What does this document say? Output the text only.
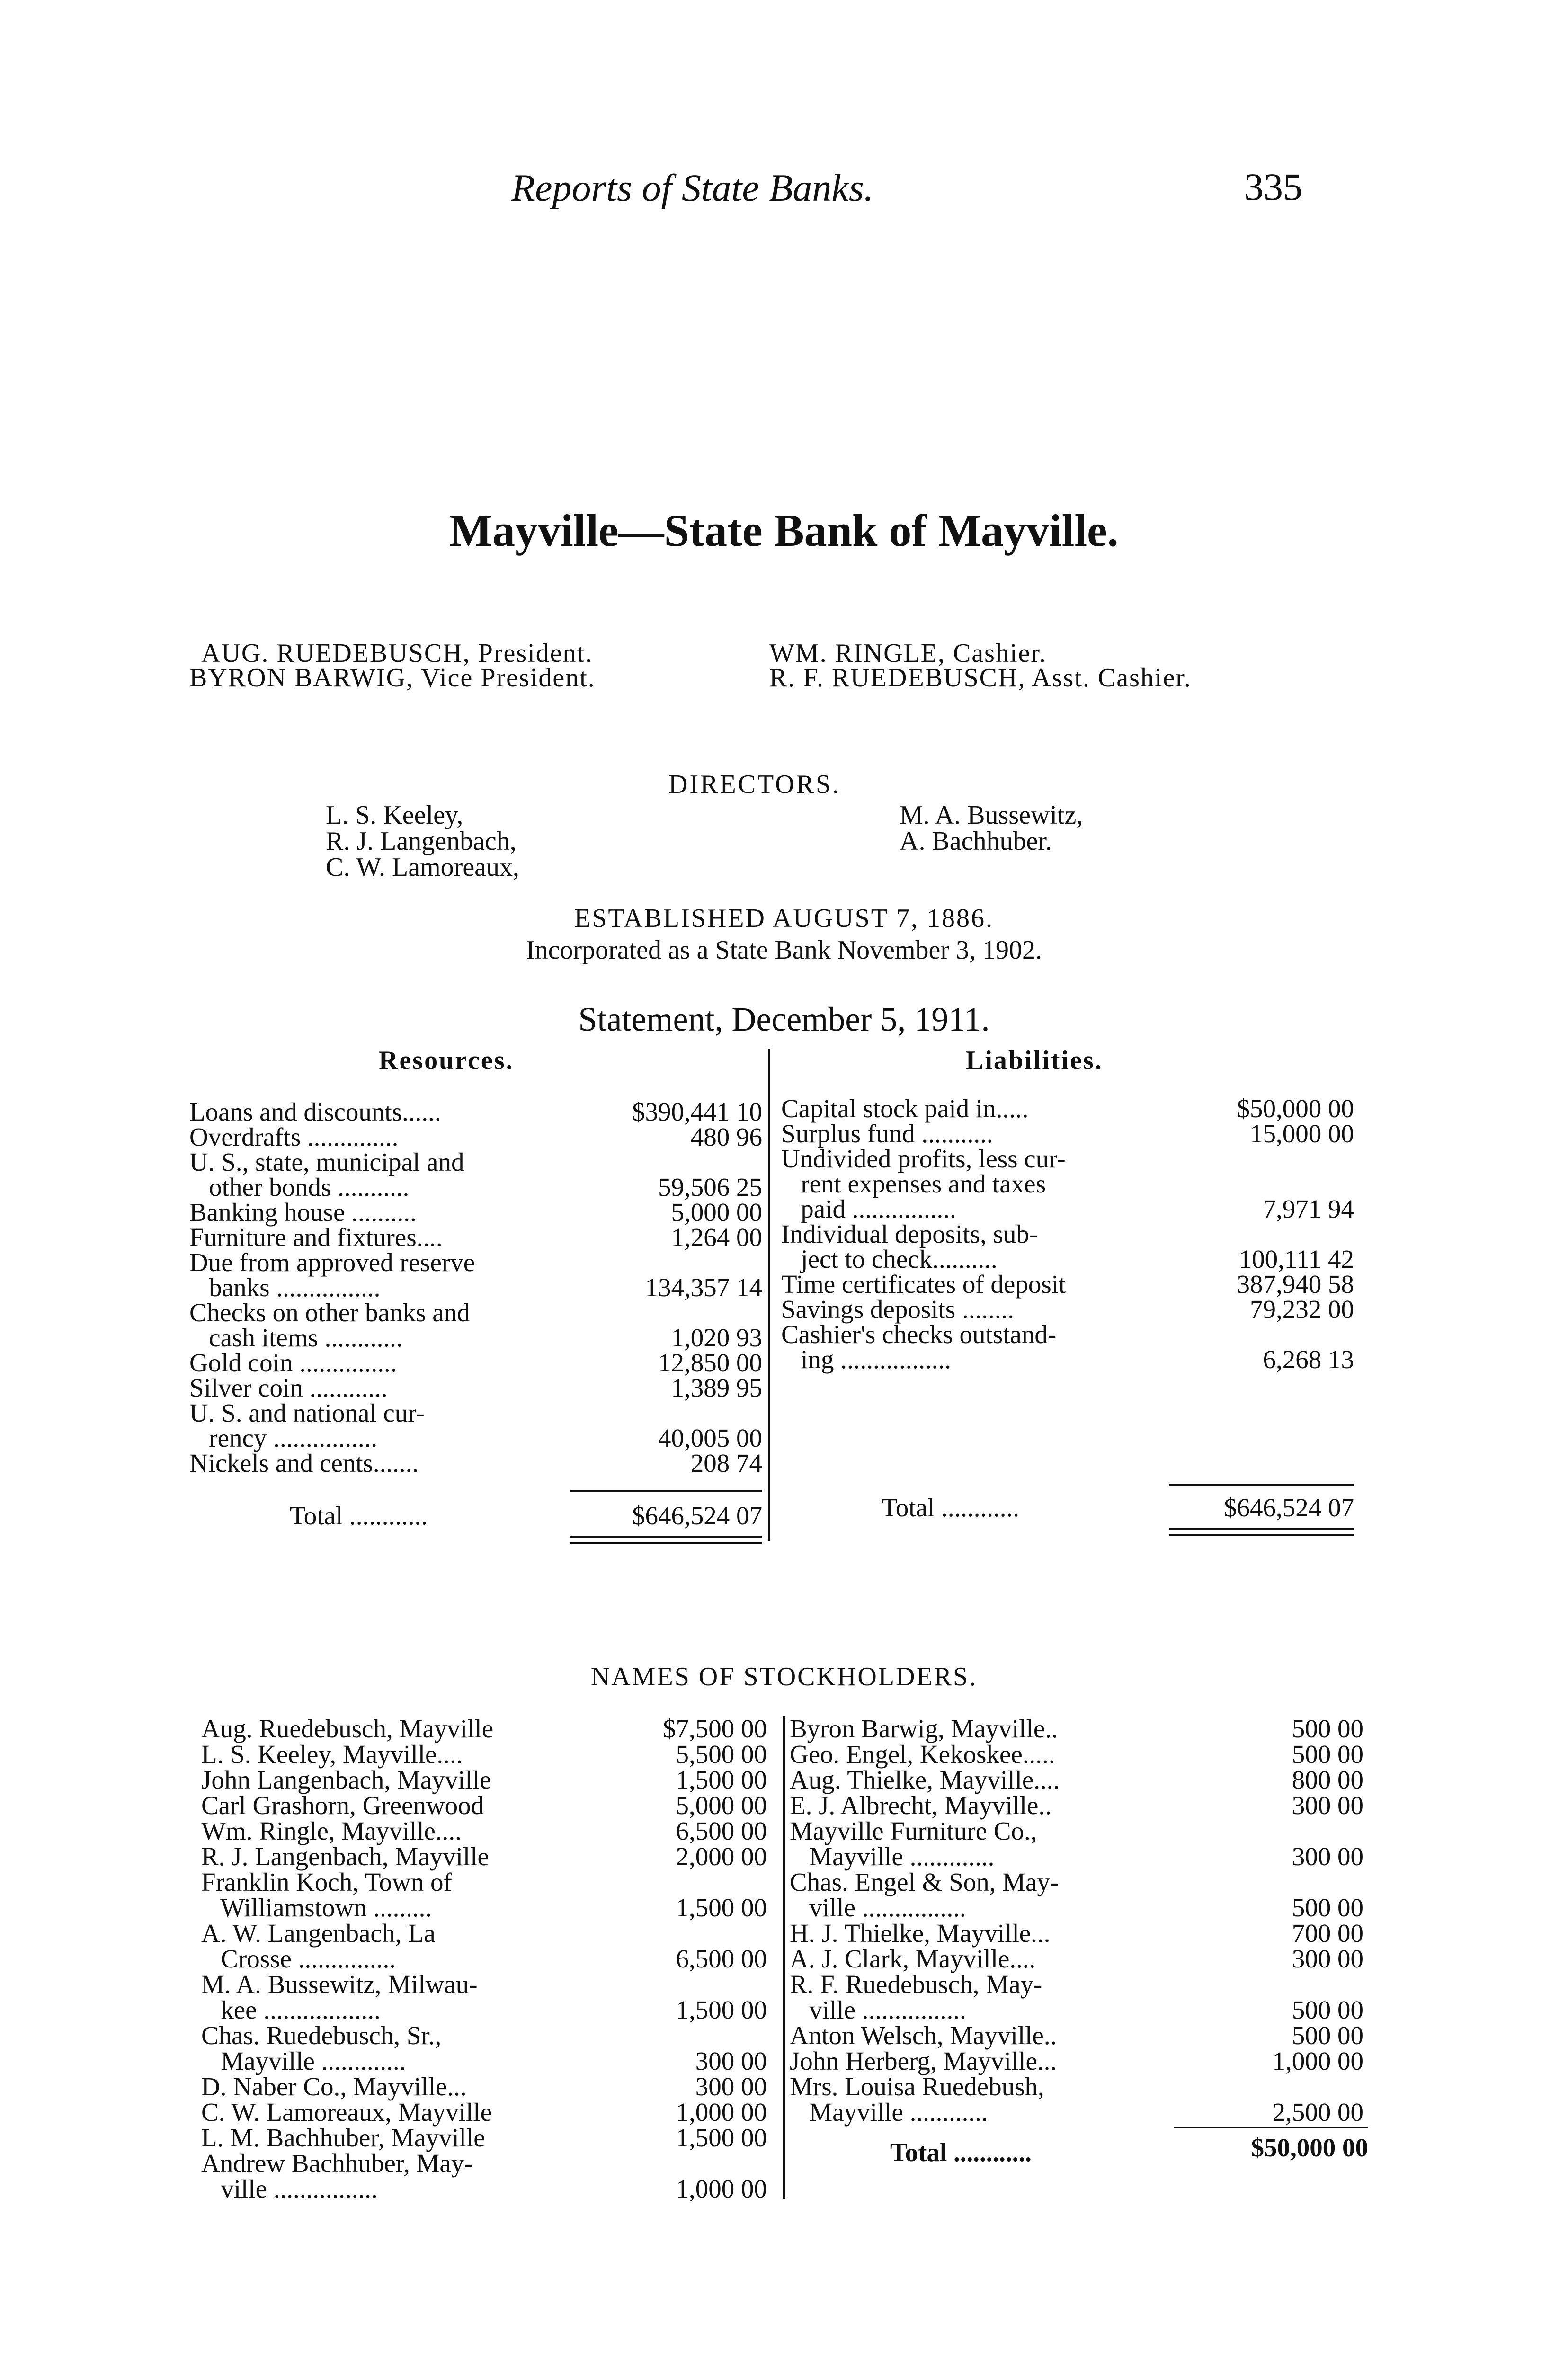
Reports of State Banks.	335
Mayville—State Bank of Mayville.
AUG. RUEDEBUSCH, President.
BYRON BARWIG, Vice President.
WM. RINGLE, Cashier.
R. F. RUEDEBUSCH, Asst. Cashier.
DIRECTORS.
L. S. Keeley,
R. J. Langenbach,
C. W. Lamoreaux,
M. A. Bussewitz,
A. Bachhuber.
ESTABLISHED AUGUST 7, 1886.
Incorporated as a State Bank November 3, 1902.
Statement, December 5, 1911.
Resources.	Liabilities.
Loans and discounts......	$390,441 10
Overdrafts ..............	480 96
U. S., state, municipal and
other bonds ...........	59,506 25
Banking house ..........	5,000 00
Furniture and fixtures....	1,264 00
Due from approved reserve
banks ................	134,357 14
Checks on other banks and
cash items ............	1,020 93
Gold coin ...............	12,850 00
Silver coin ............	1,389 95
U. S. and national cur-
rency ................	40,005 00
Nickels and cents.......	208 74
Capital stock paid in.....	$50,000 00
Surplus fund ...........	15,000 00
Undivided profits, less cur-
rent expenses and taxes
paid ................	7,971 94
Individual deposits, sub-
ject to check..........	100,111 42
Time certificates of deposit	387,940 58
Savings deposits ........	79,232 00
Cashier's checks outstand-
ing .................	6,268 13
Total ............	$646,524 07	Total ............	$646,524 07
NAMES OF STOCKHOLDERS.
Aug. Ruedebusch, Mayville	$7,500 00
L. S. Keeley, Mayville....	5,500 00
John Langenbach, Mayville	1,500 00
Carl Grashorn, Greenwood	5,000 00
Wm. Ringle, Mayville....	6,500 00
R. J. Langenbach, Mayville	2,000 00
Franklin Koch, Town of
Williamstown .........	1,500 00
A. W. Langenbach, La
Crosse ...............	6,500 00
M. A. Bussewitz, Milwau-
kee ..................	1,500 00
Chas. Ruedebusch, Sr.,
Mayville .............	300 00
D. Naber Co., Mayville...	300 00
C. W. Lamoreaux, Mayville	1,000 00
L. M. Bachhuber, Mayville	1,500 00
Andrew Bachhuber, May-
ville ................	1,000 00
Byron Barwig, Mayville..	500 00
Geo. Engel, Kekoskee.....	500 00
Aug. Thielke, Mayville....	800 00
E. J. Albrecht, Mayville..	300 00
Mayville Furniture Co.,
Mayville .............	300 00
Chas. Engel & Son, May-
ville ................	500 00
H. J. Thielke, Mayville...	700 00
A. J. Clark, Mayville....	300 00
R. F. Ruedebusch, May-
ville ................	500 00
Anton Welsch, Mayville..	500 00
John Herberg, Mayville...	1,000 00
Mrs. Louisa Ruedebush,
Mayville ............	2,500 00
Total ............	$50,000 00
